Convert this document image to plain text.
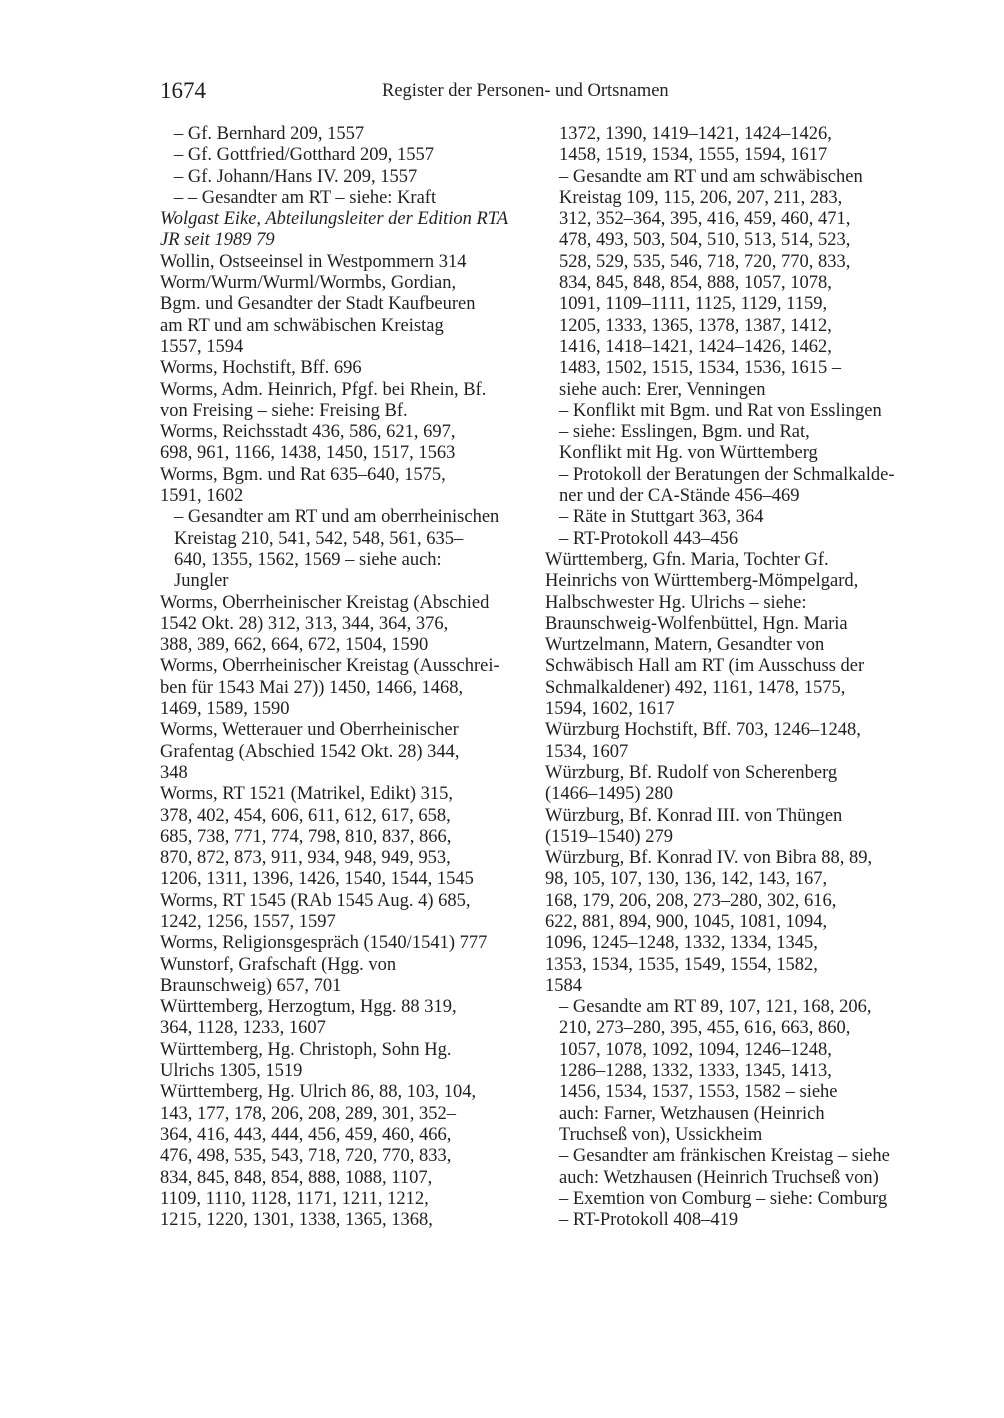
1674	Register der Personen- und Ortsnamen

– Gf. Bernhard 209, 1557

– Gf. Gottfried/Gotthard 209, 1557

– Gf. Johann/Hans IV. 209, 1557

– – Gesandter am RT – siehe: Kraft

Wolgast Eike, Abteilungsleiter der Edition RTA
JR seit 1989 79

Wollin, Ostseeinsel in Westpommern 314

Worm/Wurm/Wurml/Wormbs, Gordian,
Bgm. und Gesandter der Stadt Kaufbeuren
am RT und am schwäbischen Kreistag
1557, 1594

Worms, Hochstift, Bff. 696

Worms, Adm. Heinrich, Pfgf. bei Rhein, Bf.
von Freising – siehe: Freising Bf.

Worms, Reichsstadt 436, 586, 621, 697,
698, 961, 1166, 1438, 1450, 1517, 1563

Worms, Bgm. und Rat 635–640, 1575,
1591, 1602

– Gesandter am RT und am oberrheinischen
Kreistag 210, 541, 542, 548, 561, 635–
640, 1355, 1562, 1569 – siehe auch:
Jungler

Worms, Oberrheinischer Kreistag (Abschied
1542 Okt. 28) 312, 313, 344, 364, 376,
388, 389, 662, 664, 672, 1504, 1590

Worms, Oberrheinischer Kreistag (Ausschrei-
ben für 1543 Mai 27)) 1450, 1466, 1468,
1469, 1589, 1590

Worms, Wetterauer und Oberrheinischer
Grafentag (Abschied 1542 Okt. 28) 344,
348

Worms, RT 1521 (Matrikel, Edikt) 315,
378, 402, 454, 606, 611, 612, 617, 658,
685, 738, 771, 774, 798, 810, 837, 866,
870, 872, 873, 911, 934, 948, 949, 953,
1206, 1311, 1396, 1426, 1540, 1544, 1545

Worms, RT 1545 (RAb 1545 Aug. 4) 685,
1242, 1256, 1557, 1597

Worms, Religionsgespräch (1540/1541) 777

Wunstorf, Grafschaft (Hgg. von
Braunschweig) 657, 701

Württemberg, Herzogtum, Hgg. 88 319,
364, 1128, 1233, 1607

Württemberg, Hg. Christoph, Sohn Hg.
Ulrichs 1305, 1519

Württemberg, Hg. Ulrich 86, 88, 103, 104,
143, 177, 178, 206, 208, 289, 301, 352–
364, 416, 443, 444, 456, 459, 460, 466,
476, 498, 535, 543, 718, 720, 770, 833,
834, 845, 848, 854, 888, 1088, 1107,
1109, 1110, 1128, 1171, 1211, 1212,
1215, 1220, 1301, 1338, 1365, 1368,

1372, 1390, 1419–1421, 1424–1426,
1458, 1519, 1534, 1555, 1594, 1617

– Gesandte am RT und am schwäbischen
Kreistag 109, 115, 206, 207, 211, 283,
312, 352–364, 395, 416, 459, 460, 471,
478, 493, 503, 504, 510, 513, 514, 523,
528, 529, 535, 546, 718, 720, 770, 833,
834, 845, 848, 854, 888, 1057, 1078,
1091, 1109–1111, 1125, 1129, 1159,
1205, 1333, 1365, 1378, 1387, 1412,
1416, 1418–1421, 1424–1426, 1462,
1483, 1502, 1515, 1534, 1536, 1615 –
siehe auch: Erer, Venningen

– Konflikt mit Bgm. und Rat von Esslingen
– siehe: Esslingen, Bgm. und Rat,
Konflikt mit Hg. von Württemberg

– Protokoll der Beratungen der Schmalkalde-
ner und der CA-Stände 456–469

– Räte in Stuttgart 363, 364

– RT-Protokoll 443–456

Württemberg, Gfn. Maria, Tochter Gf.
Heinrichs von Württemberg-Mömpelgard,
Halbschwester Hg. Ulrichs – siehe:
Braunschweig-Wolfenbüttel, Hgn. Maria

Wurtzelmann, Matern, Gesandter von
Schwäbisch Hall am RT (im Ausschuss der
Schmalkaldener) 492, 1161, 1478, 1575,
1594, 1602, 1617

Würzburg Hochstift, Bff. 703, 1246–1248,
1534, 1607

Würzburg, Bf. Rudolf von Scherenberg
(1466–1495) 280

Würzburg, Bf. Konrad III. von Thüngen
(1519–1540) 279

Würzburg, Bf. Konrad IV. von Bibra 88, 89,
98, 105, 107, 130, 136, 142, 143, 167,
168, 179, 206, 208, 273–280, 302, 616,
622, 881, 894, 900, 1045, 1081, 1094,
1096, 1245–1248, 1332, 1334, 1345,
1353, 1534, 1535, 1549, 1554, 1582,
1584

– Gesandte am RT 89, 107, 121, 168, 206,
210, 273–280, 395, 455, 616, 663, 860,
1057, 1078, 1092, 1094, 1246–1248,
1286–1288, 1332, 1333, 1345, 1413,
1456, 1534, 1537, 1553, 1582 – siehe
auch: Farner, Wetzhausen (Heinrich
Truchseß von), Ussickheim

– Gesandter am fränkischen Kreistag – siehe
auch: Wetzhausen (Heinrich Truchseß von)

– Exemtion von Comburg – siehe: Comburg

– RT-Protokoll 408–419
